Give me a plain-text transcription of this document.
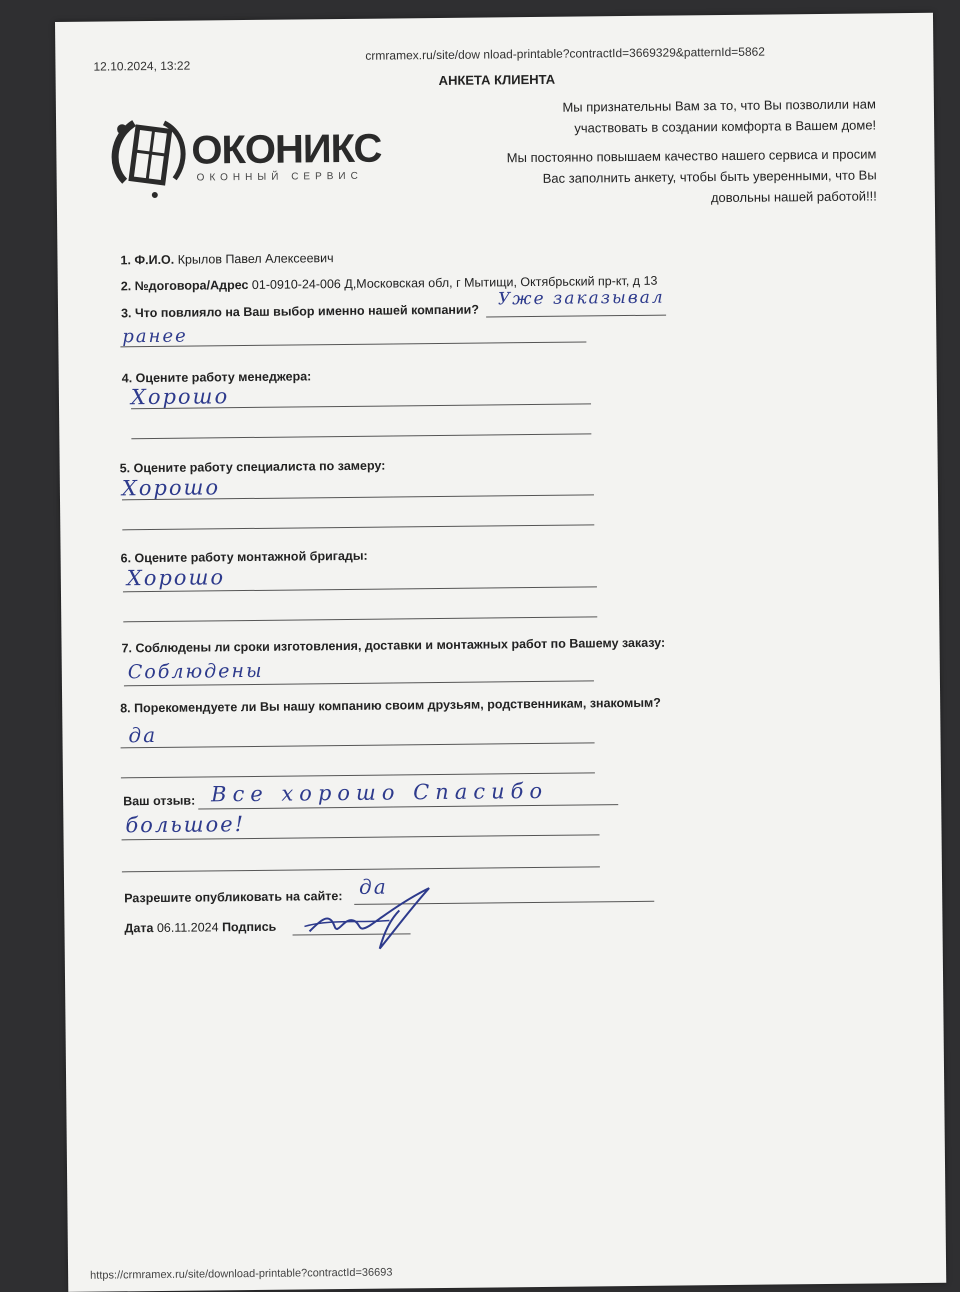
12.10.2024, 13:22
crmramex.ru/site/dow nload-printable?contractId=3669329&patternId=5862
АНКЕТА КЛИЕНТА
ОКОНИКС
ОКОННЫЙ СЕРВИС
Мы признательны Вам за то, что Вы позволили нам
участвовать в создании комфорта в Вашем доме!
Мы постоянно повышаем качество нашего сервиса и просим
Вас заполнить анкету, чтобы быть уверенными, что Вы
довольны нашей работой!!!
1. Ф.И.О. Крылов Павел Алексеевич
2. №договора/Адрес 01-0910-24-006 Д,Московская обл, г Мытищи, Октябрьский пр-кт, д 13
3. Что повлияло на Ваш выбор именно нашей компании?
Уже заказывал
ранее
4. Оцените работу менеджера:
Хорошо
5. Оцените работу специалиста по замеру:
Хорошо
6. Оцените работу монтажной бригады:
Хорошо
7. Соблюдены ли сроки изготовления, доставки и монтажных работ по Вашему заказу:
Соблюдены
8. Порекомендуете ли Вы нашу компанию своим друзьям, родственникам, знакомым?
да
Ваш отзыв: Все хорошо Спасибо
большое!
Разрешите опубликовать на сайте: да
Дата 06.11.2024 Подпись
https://crmramex.ru/site/download-printable?contractId=36693
